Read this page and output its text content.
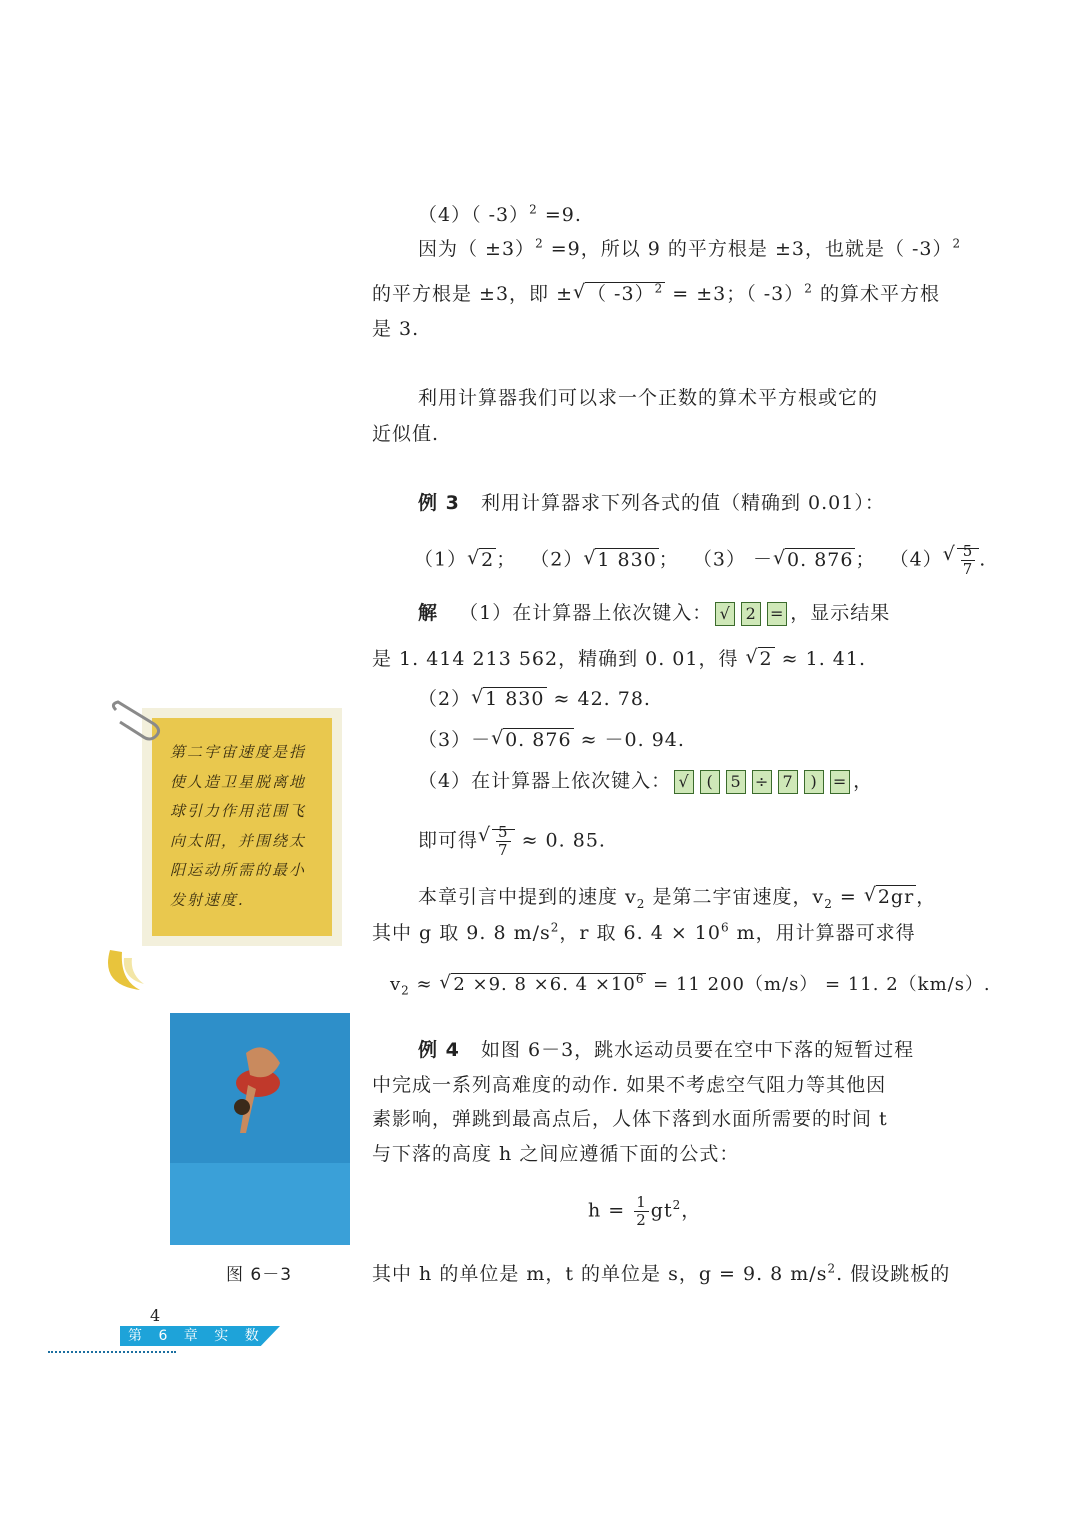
（4）（ -3）$^2$ =9.
因为（ ±3）$^2$ =9，所以 9 的平方根是 ±3，也就是（ -3）$^2$
的平方根是 ±3，即 ± √ （ -3）$^2$ = ±3；（ -3）$^2$ 的算术平方根
是 3.
利用计算器我们可以求一个正数的算术平方根或它的
近似值.
例 3 利用计算器求下列各式的值（精确到 0.01）：
（1） √ 2 ； （2） √ 1 830 ； （3） － √ 0. 876 ； （4） √ $\frac{5}{7}$ .
解 （1）在计算器上依次键入： √ 2 = ，显示结果
是 1. 414 213 562，精确到 0. 01，得 √ 2 ≈ 1. 41.
（2） √ 1 830 ≈ 42. 78.
（3）－ √ 0. 876 ≈ －0. 94.
（4）在计算器上依次键入： √ ( 5 ÷ 7 ) = ，
即可得 √ $\frac{5}{7} \approx 0$. 85.
本章引言中提到的速度 $v_2$ 是第二宇宙速度，$v_2$ = √ 2gr ，
其中 g 取 9. 8 $m/s^2$，r 取 6. $4 \times 10^6$ m，用计算器可求得
$v_2$ ≈ √ 2 ×9. 8 ×6. $4 \times 10^6 = 11$ 200（m/s） = 11. 2（km/s）.
例 4 如图 6－3，跳水运动员要在空中下落的短暂过程
中完成一系列高难度的动作. 如果不考虑空气阻力等其他因
素影响，弹跳到最高点后，人体下落到水面所需要的时间 t
与下落的高度 h 之间应遵循下面的公式：
$h = \frac{1}{2} gt^2$，
其中 h 的单位是 m，t 的单位是 s，g = 9. 8 $m/s^2$. 假设跳板的
第二宇宙速度是指使人造卫星脱离地球引力作用范围飞向太阳，并围绕太阳运动所需的最小发射速度.
图 6－3
4
第 6 章 实 数
